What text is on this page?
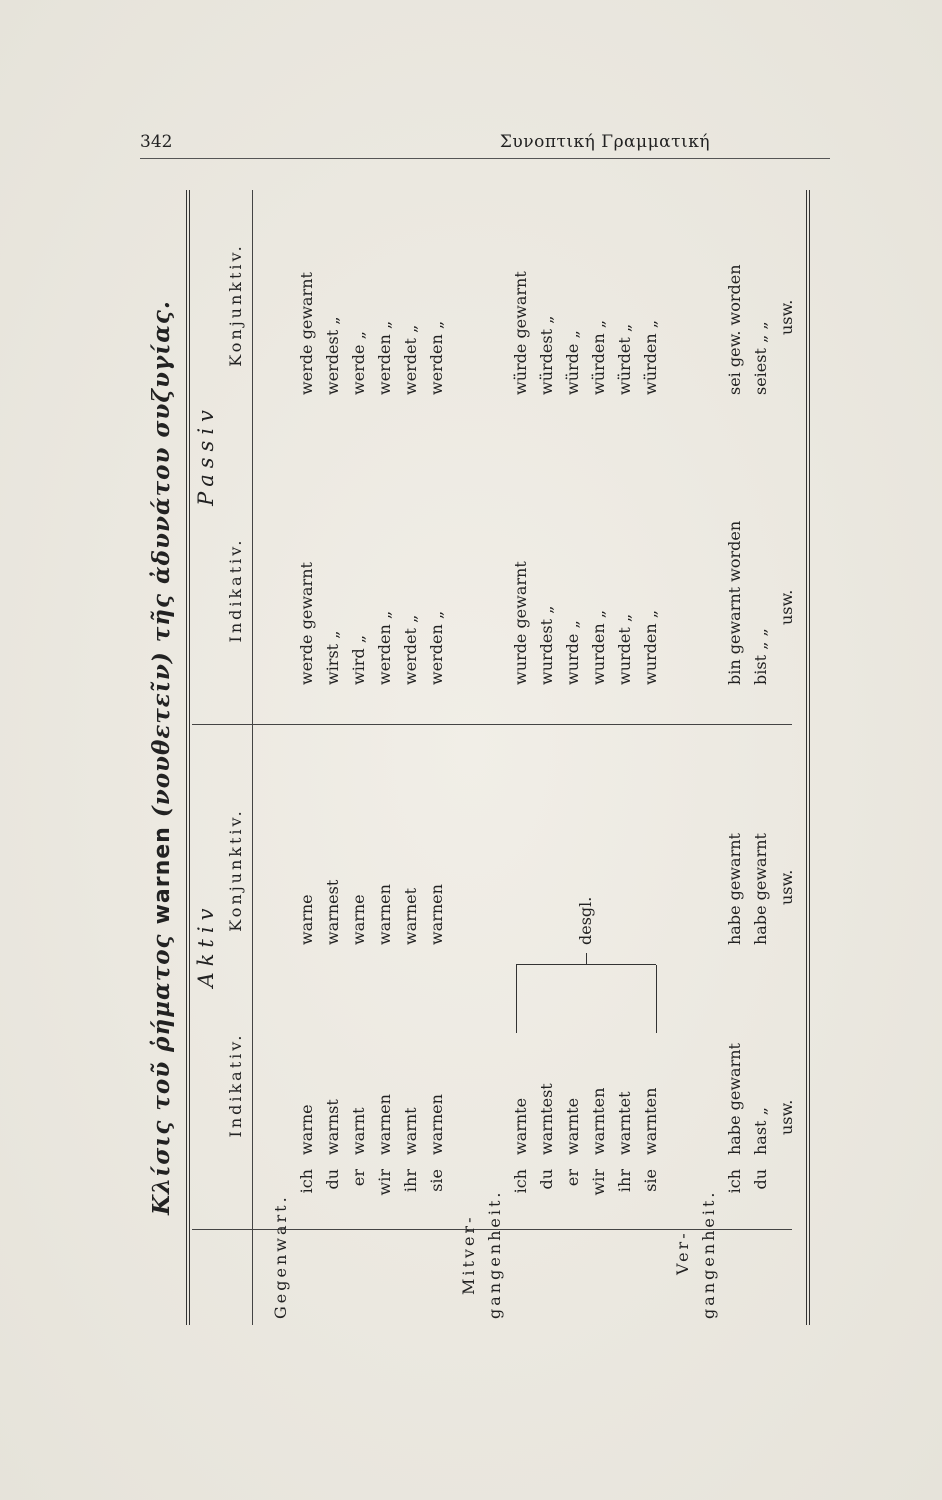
342	Συνοπτική Γραμματική
Κλίσις τοῦ ῥήματος warnen (νουθετεῖν) τῆς ἀδυνάτου συζυγίας.
Aktiv
Passiv
Indikativ.
Konjunktiv.
Indikativ.
Konjunktiv.
Gegenwart.
ich du er wir ihr sie
warne warnst warnt warnen warnt warnen
warne warnest warne warnen warnet warnen
werde gewarnt wirst „ wird „ werden „ werdet „ werden „
werde gewarnt werdest „ werde „ werden „ werdet „ werden „
Mitver- gangenheit.
ich du er wir ihr sie
warnte warntest warnte warnten warntet warnten
desgl.
wurde gewarnt wurdest „ wurde „ wurden „ wurdet „ wurden „
würde gewarnt würdest „ würde „ würden „ würdet „ würden „
Ver- gangenheit.
ich du
habe gewarnt hast „ usw.
habe gewarnt habe gewarnt usw.
bin gewarnt worden bist „ „
usw.
sei gew. worden seiest „ „
usw.
